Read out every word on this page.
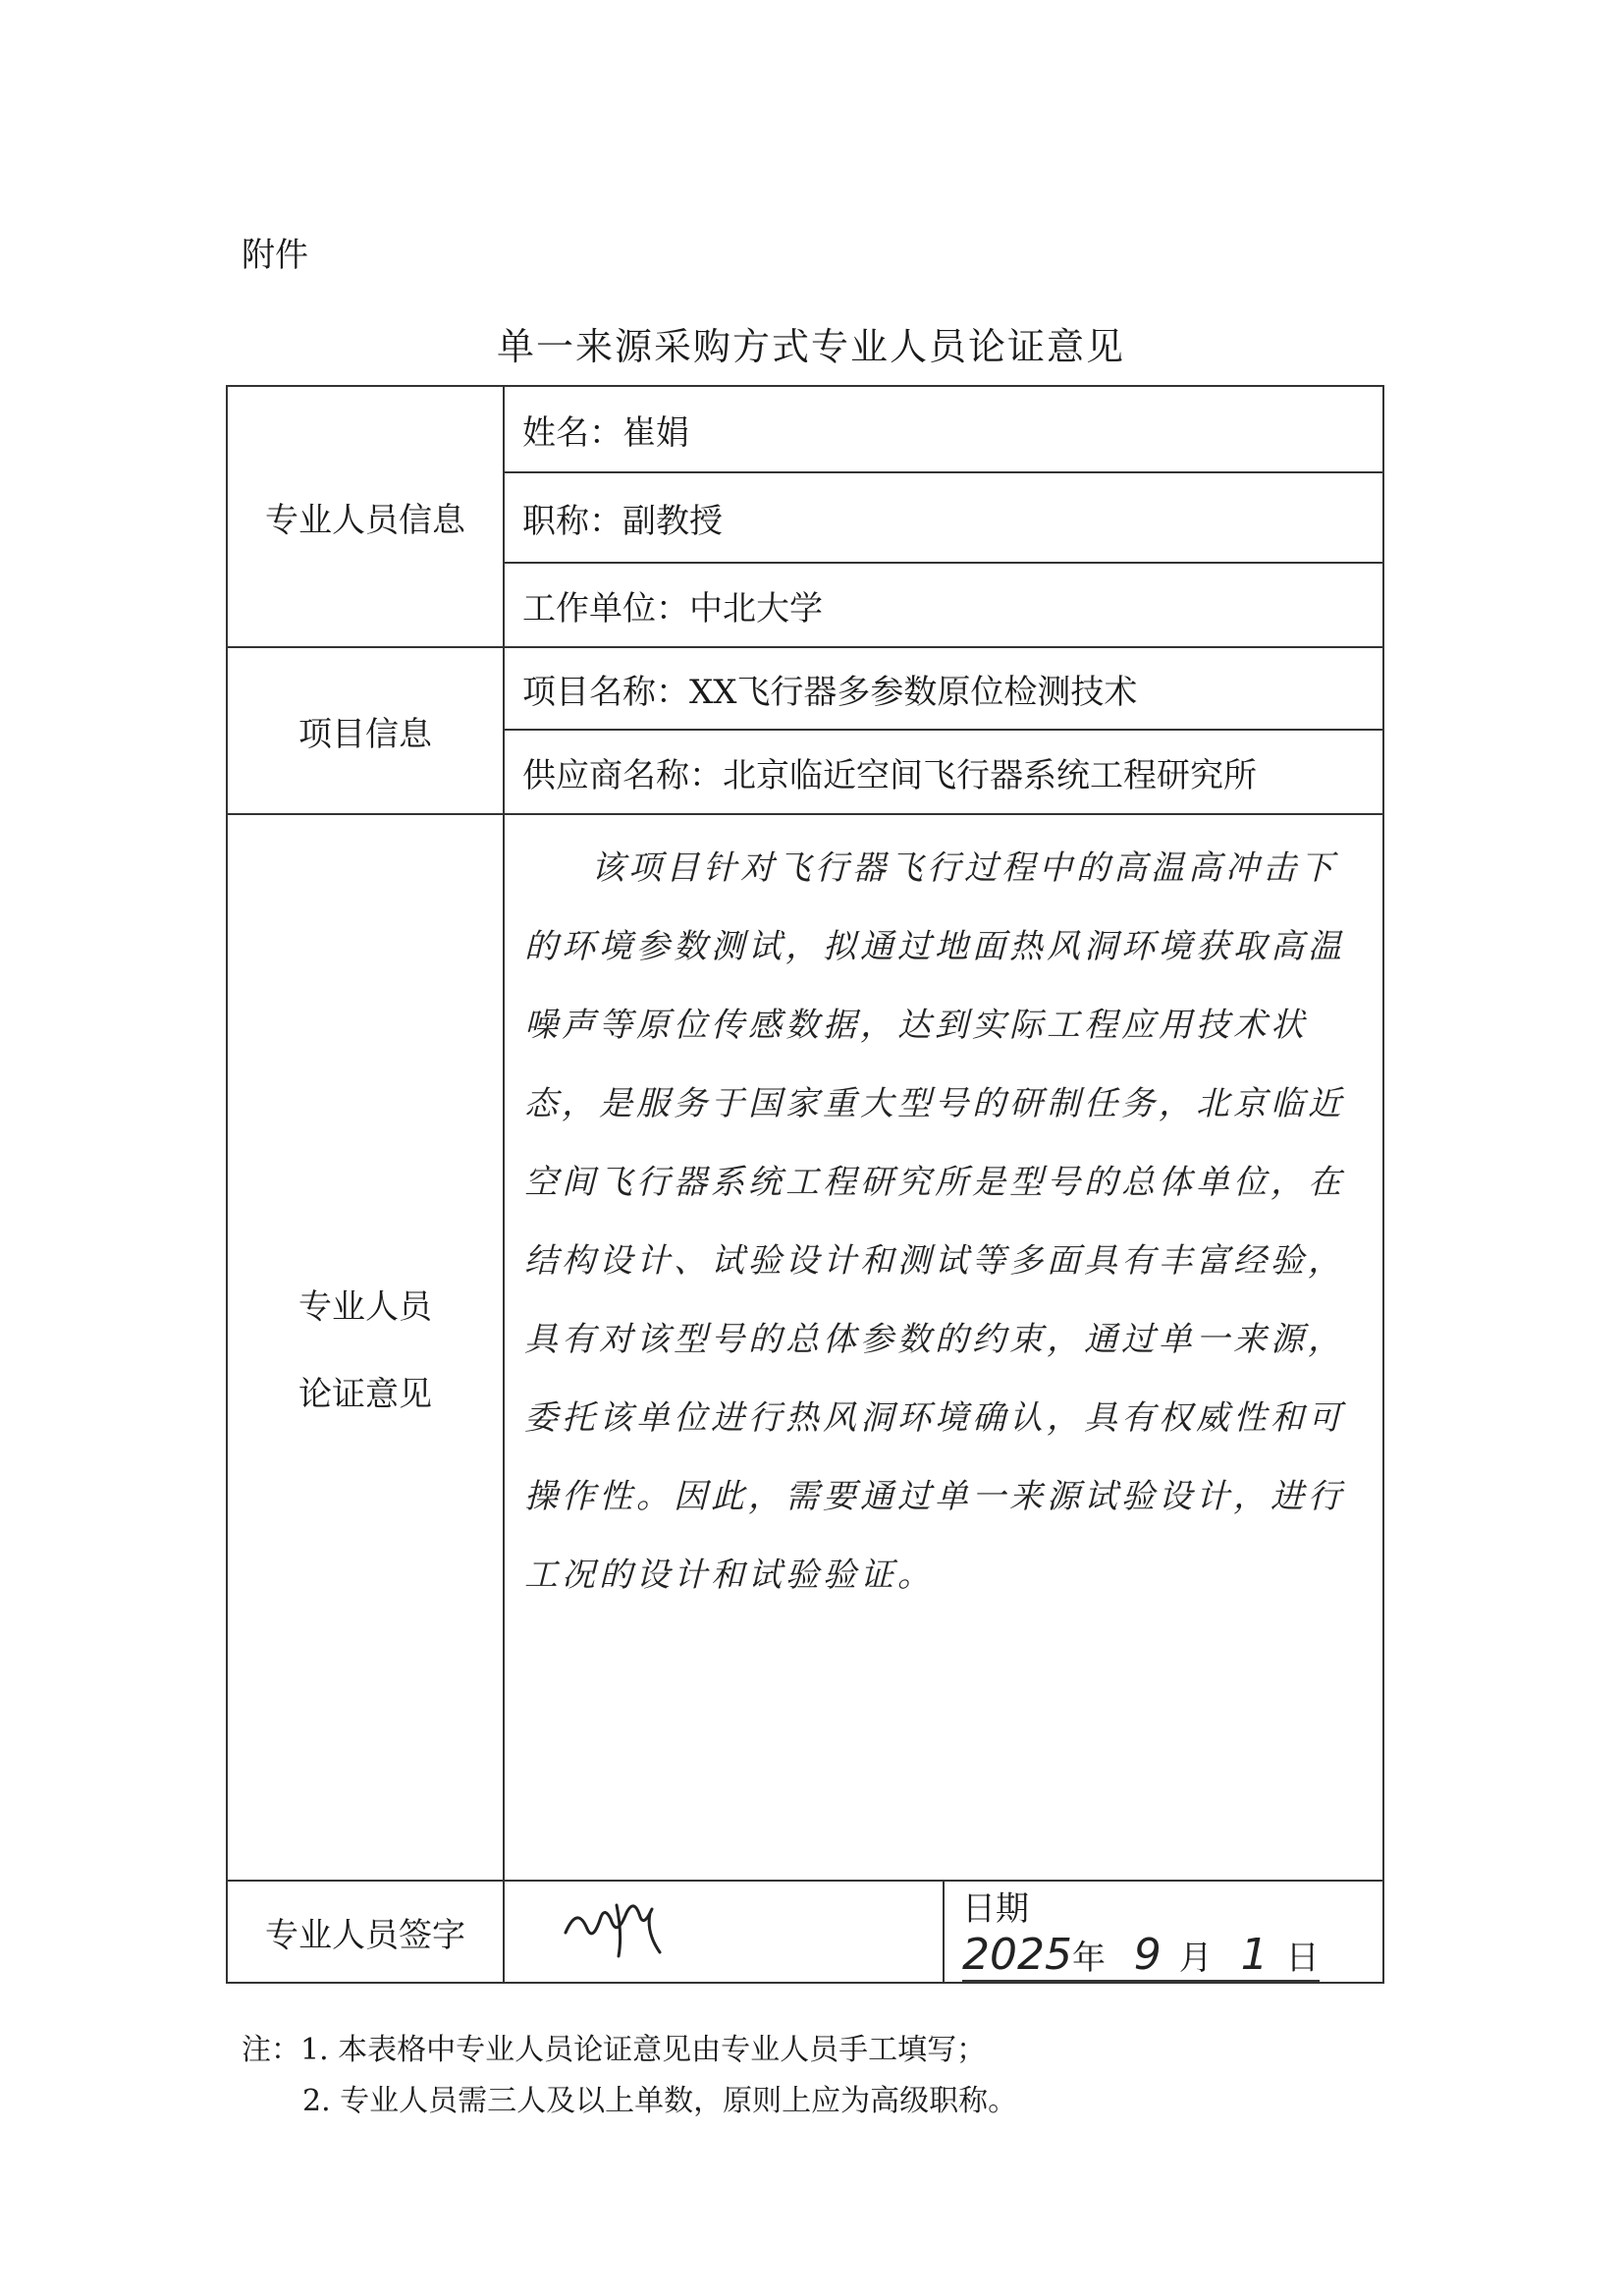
附件
单一来源采购方式专业人员论证意见
专业人员信息	姓名：崔娟	
	职称：副教授	
	工作单位：中北大学	
项目信息	项目名称：XX飞行器多参数原位检测技术	
	供应商名称：北京临近空间飞行器系统工程研究所	

专业人员
论证意见	该项目针对飞行器飞行过程中的高温高冲击下的环境参数测试，拟通过地面热风洞环境获取高温噪声等原位传感数据，达到实际工程应用技术状态，是服务于国家重大型号的研制任务，北京临近空间飞行器系统工程研究所是型号的总体单位，在结构设计、试验设计和测试等多面具有丰富经验，具有对该型号的总体参数的约束，通过单一来源，委托该单位进行热风洞环境确认，具有权威性和可操作性。因此，需要通过单一来源试验设计，进行工况的设计和试验验证。	

专业人员签字		日期2025年 9 月 1 日
注：1. 本表格中专业人员论证意见由专业人员手工填写；
2. 专业人员需三人及以上单数，原则上应为高级职称。
